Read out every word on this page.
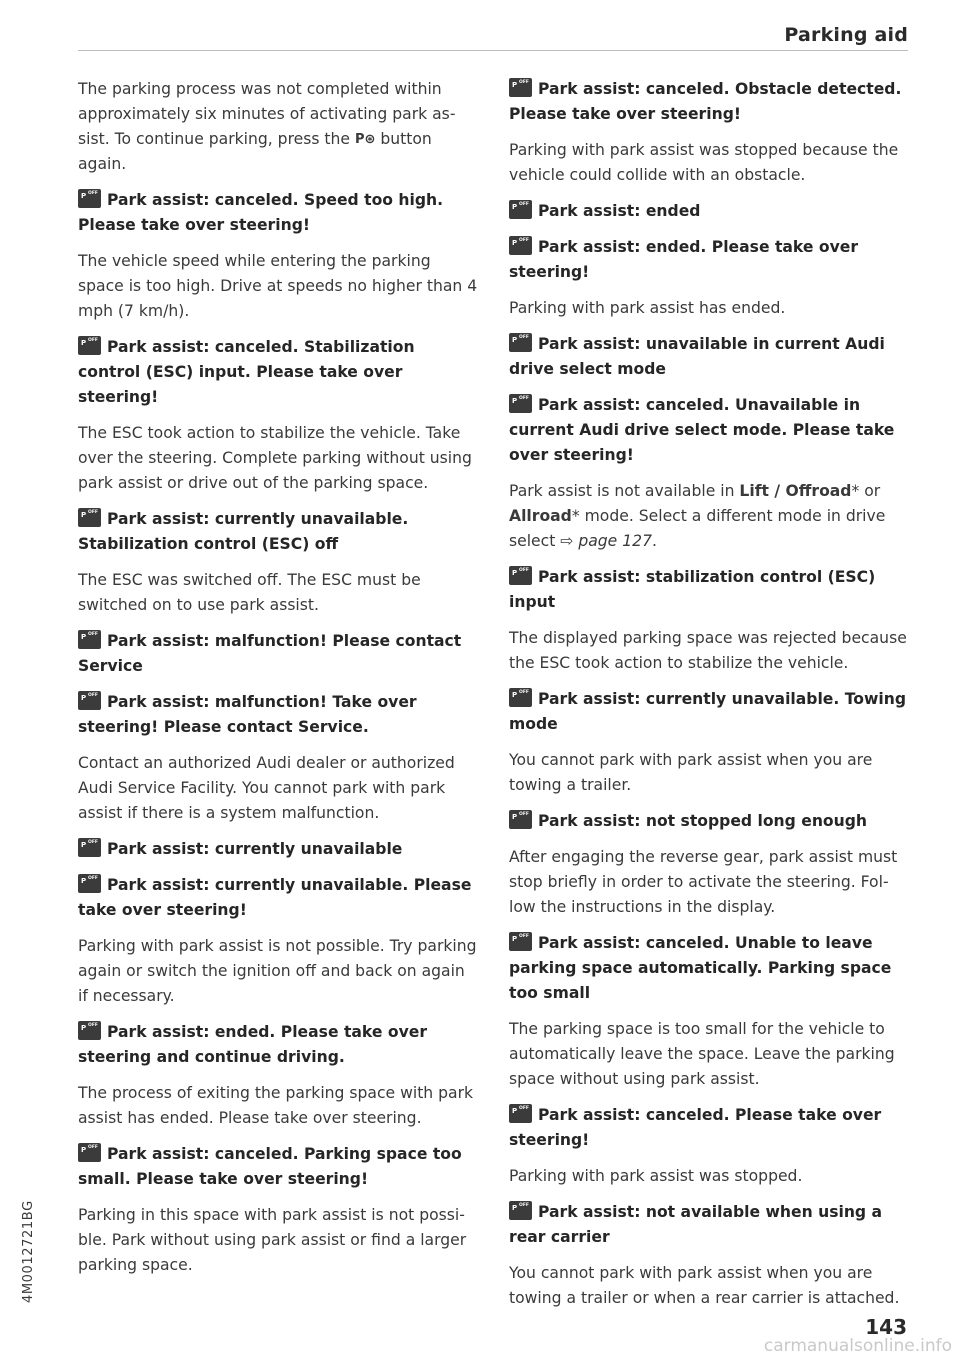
Parking aid

The parking process was not completed within approximately six minutes of activating park assist. To continue parking, press the P⊛ button again.

P OFFPark assist: canceled. Speed too high. Please take over steering!

The vehicle speed while entering the parking space is too high. Drive at speeds no higher than 4 mph (7 km/h).

P OFFPark assist: canceled. Stabilization control (ESC) input. Please take over steering!

The ESC took action to stabilize the vehicle. Take over the steering. Complete parking without using park assist or drive out of the parking space.

P OFFPark assist: currently unavailable. Stabilization control (ESC) off

The ESC was switched off. The ESC must be switched on to use park assist.

P OFFPark assist: malfunction! Please contact Service

P OFFPark assist: malfunction! Take over steering! Please contact Service.

Contact an authorized Audi dealer or authorized Audi Service Facility. You cannot park with park assist if there is a system malfunction.

P OFFPark assist: currently unavailable

P OFFPark assist: currently unavailable. Please take over steering!

Parking with park assist is not possible. Try parking again or switch the ignition off and back on again if necessary.

P OFFPark assist: ended. Please take over steering and continue driving.

The process of exiting the parking space with park assist has ended. Please take over steering.

P OFFPark assist: canceled. Parking space too small. Please take over steering!

Parking in this space with park assist is not possible. Park without using park assist or find a larger parking space.

P OFFPark assist: canceled. Obstacle detected. Please take over steering!

Parking with park assist was stopped because the vehicle could collide with an obstacle.

P OFFPark assist: ended

P OFFPark assist: ended. Please take over steering!

Parking with park assist has ended.

P OFFPark assist: unavailable in current Audi drive select mode

P OFFPark assist: canceled. Unavailable in current Audi drive select mode. Please take over steering!

Park assist is not available in Lift / Offroad* or Allroad* mode. Select a different mode in drive select ⇨ page 127.

P OFFPark assist: stabilization control (ESC) input

The displayed parking space was rejected because the ESC took action to stabilize the vehicle.

P OFFPark assist: currently unavailable. Towing mode

You cannot park with park assist when you are towing a trailer.

P OFFPark assist: not stopped long enough

After engaging the reverse gear, park assist must stop briefly in order to activate the steering. Follow the instructions in the display.

P OFFPark assist: canceled. Unable to leave parking space automatically. Parking space too small

The parking space is too small for the vehicle to automatically leave the space. Leave the parking space without using park assist.

P OFFPark assist: canceled. Please take over steering!

Parking with park assist was stopped.

P OFFPark assist: not available when using a rear carrier

You cannot park with park assist when you are towing a trailer or when a rear carrier is attached.

4M0012721BG
143
carmanualsonline.info
